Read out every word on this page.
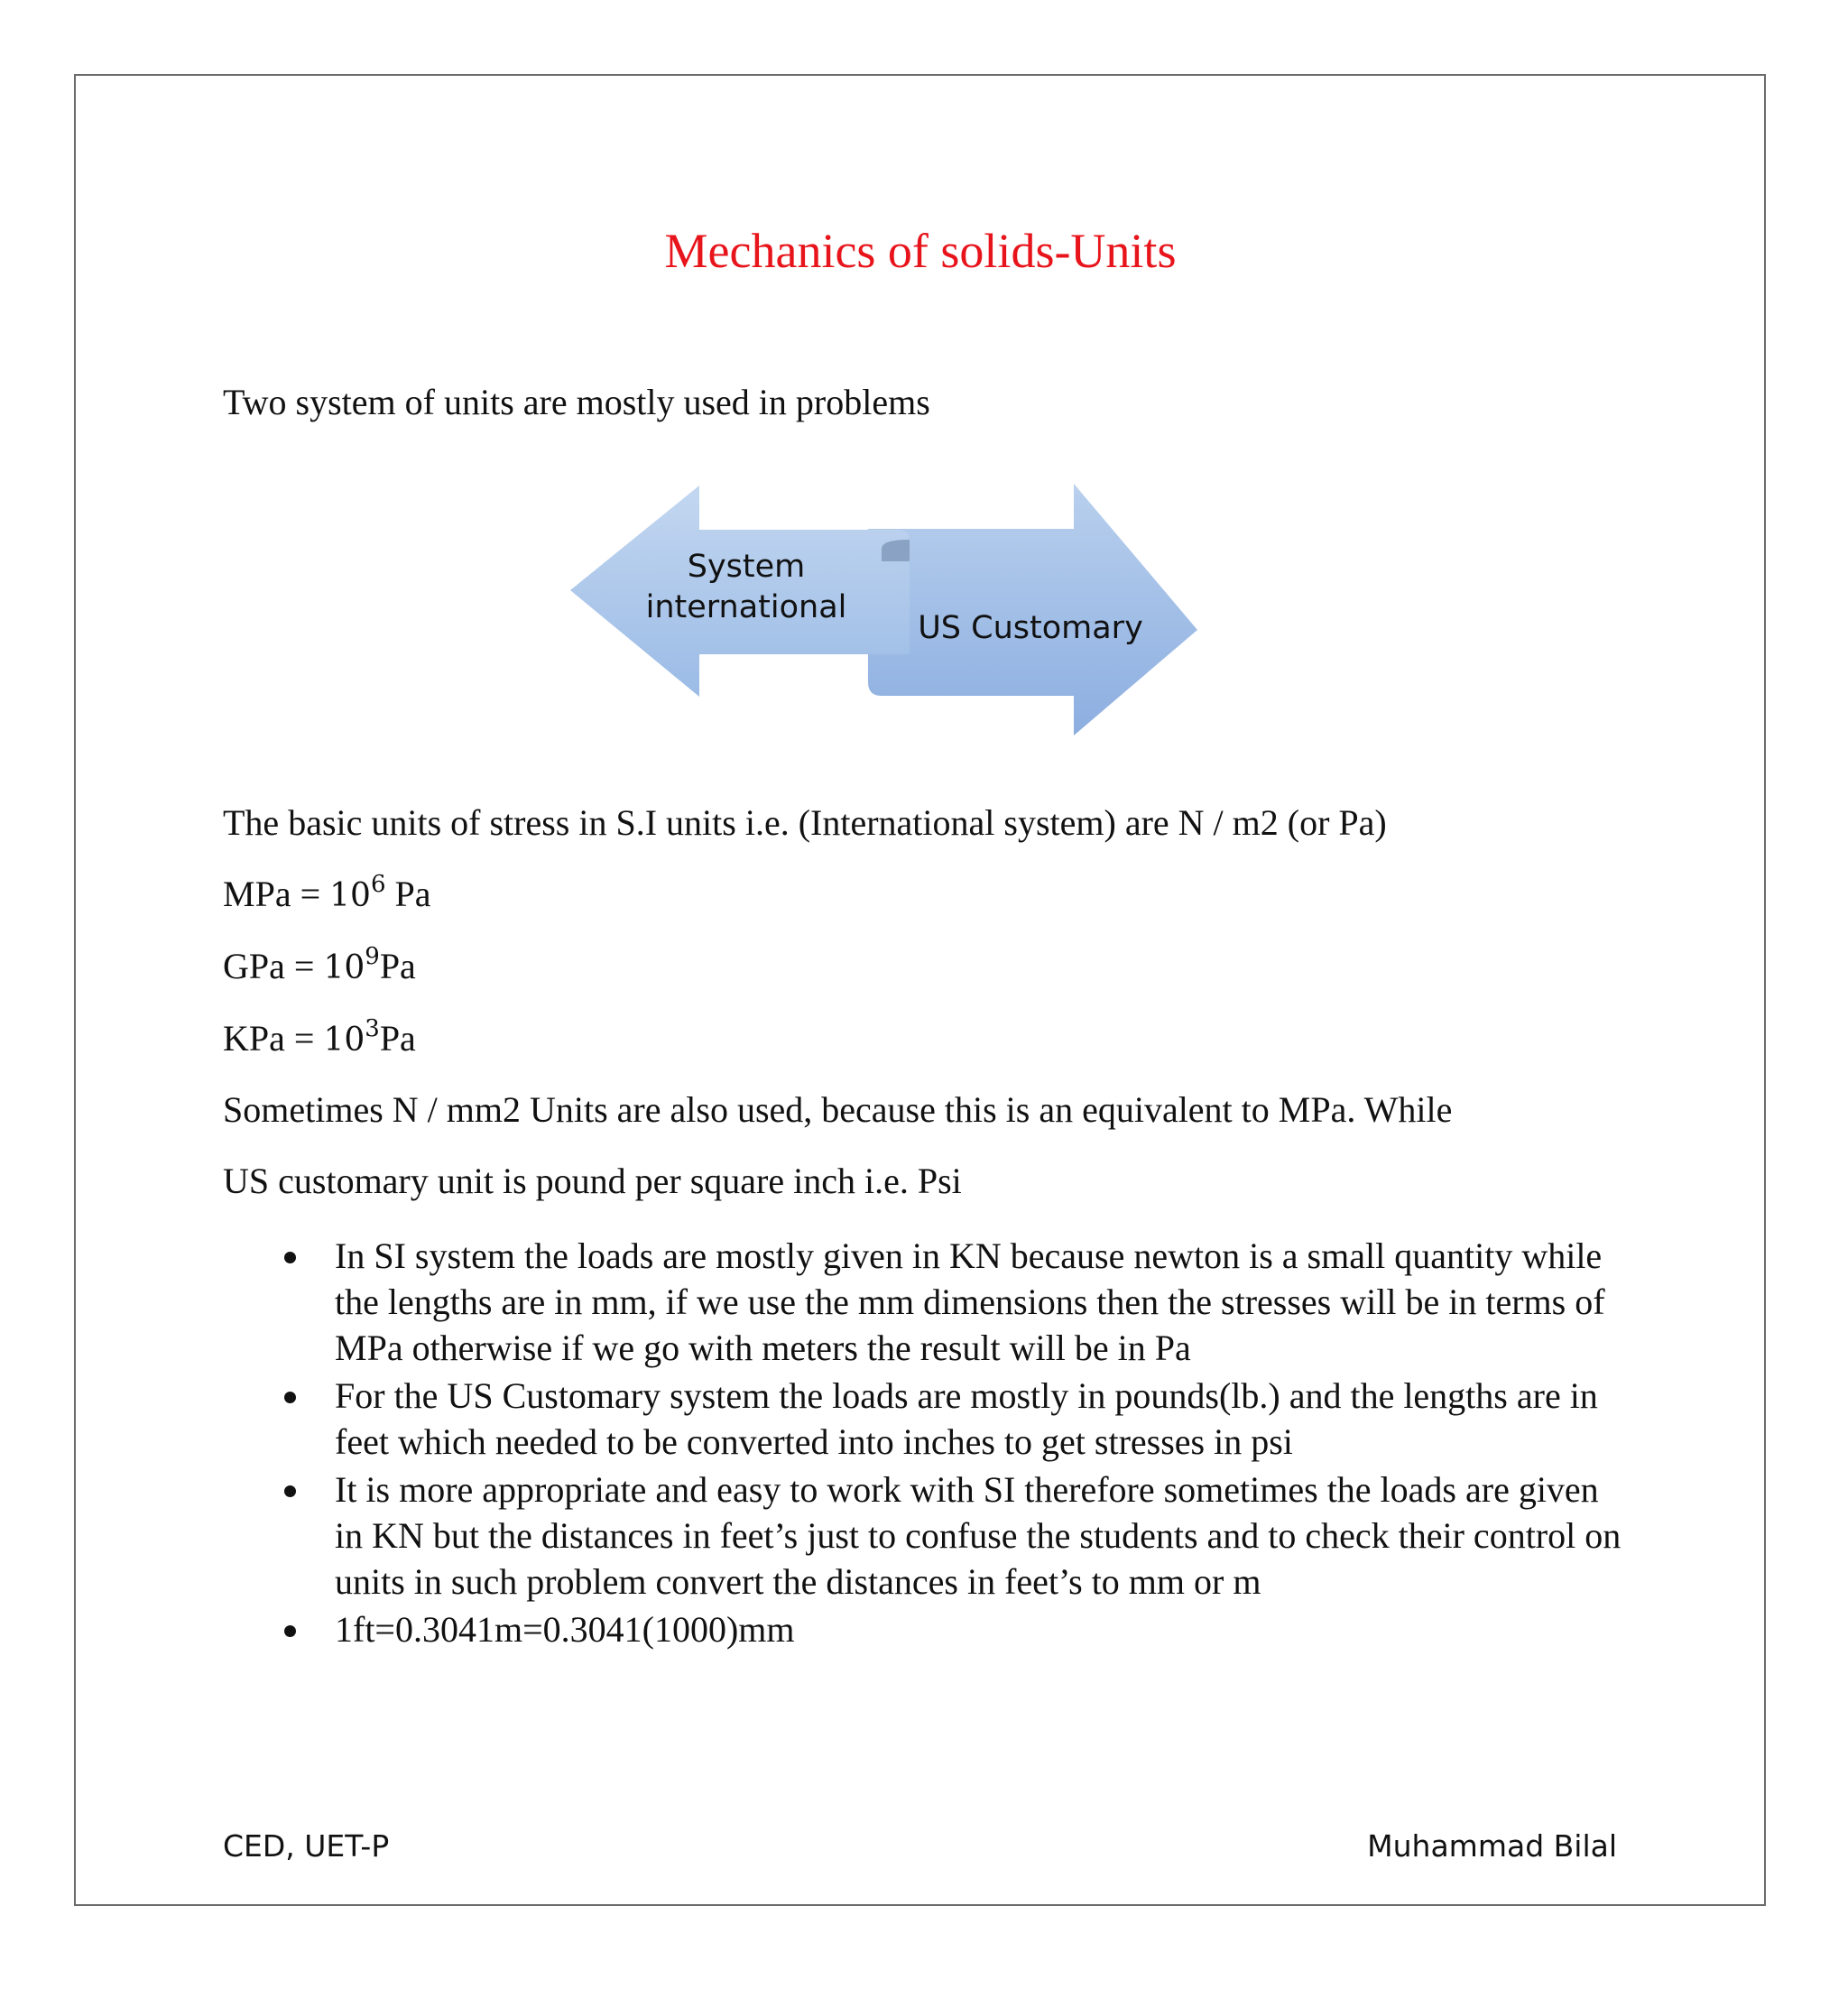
Mechanics of solids-Units
Two system of units are mostly used in problems
System
international
US Customary
The basic units of stress in S.I units i.e. (International system) are N / m2 (or Pa)
MPa = $10^6$ Pa
GPa = $10^9Pa$
KPa = $10^3Pa$
Sometimes N / mm2 Units are also used, because this is an equivalent to MPa. While
US customary unit is pound per square inch i.e. Psi
In SI system the loads are mostly given in KN because newton is a small quantity while the lengths are in mm, if we use the mm dimensions then the stresses will be in terms of MPa otherwise if we go with meters the result will be in Pa
For the US Customary system the loads are mostly in pounds(lb.) and the lengths are in feet which needed to be converted into inches to get stresses in psi
It is more appropriate and easy to work with SI therefore sometimes the loads are given in KN but the distances in feet’s just to confuse the students and to check their control on units in such problem convert the distances in feet’s to mm or m
1ft=0.3041m=0.3041(1000)mm
CED, UET-P	Muhammad Bilal
